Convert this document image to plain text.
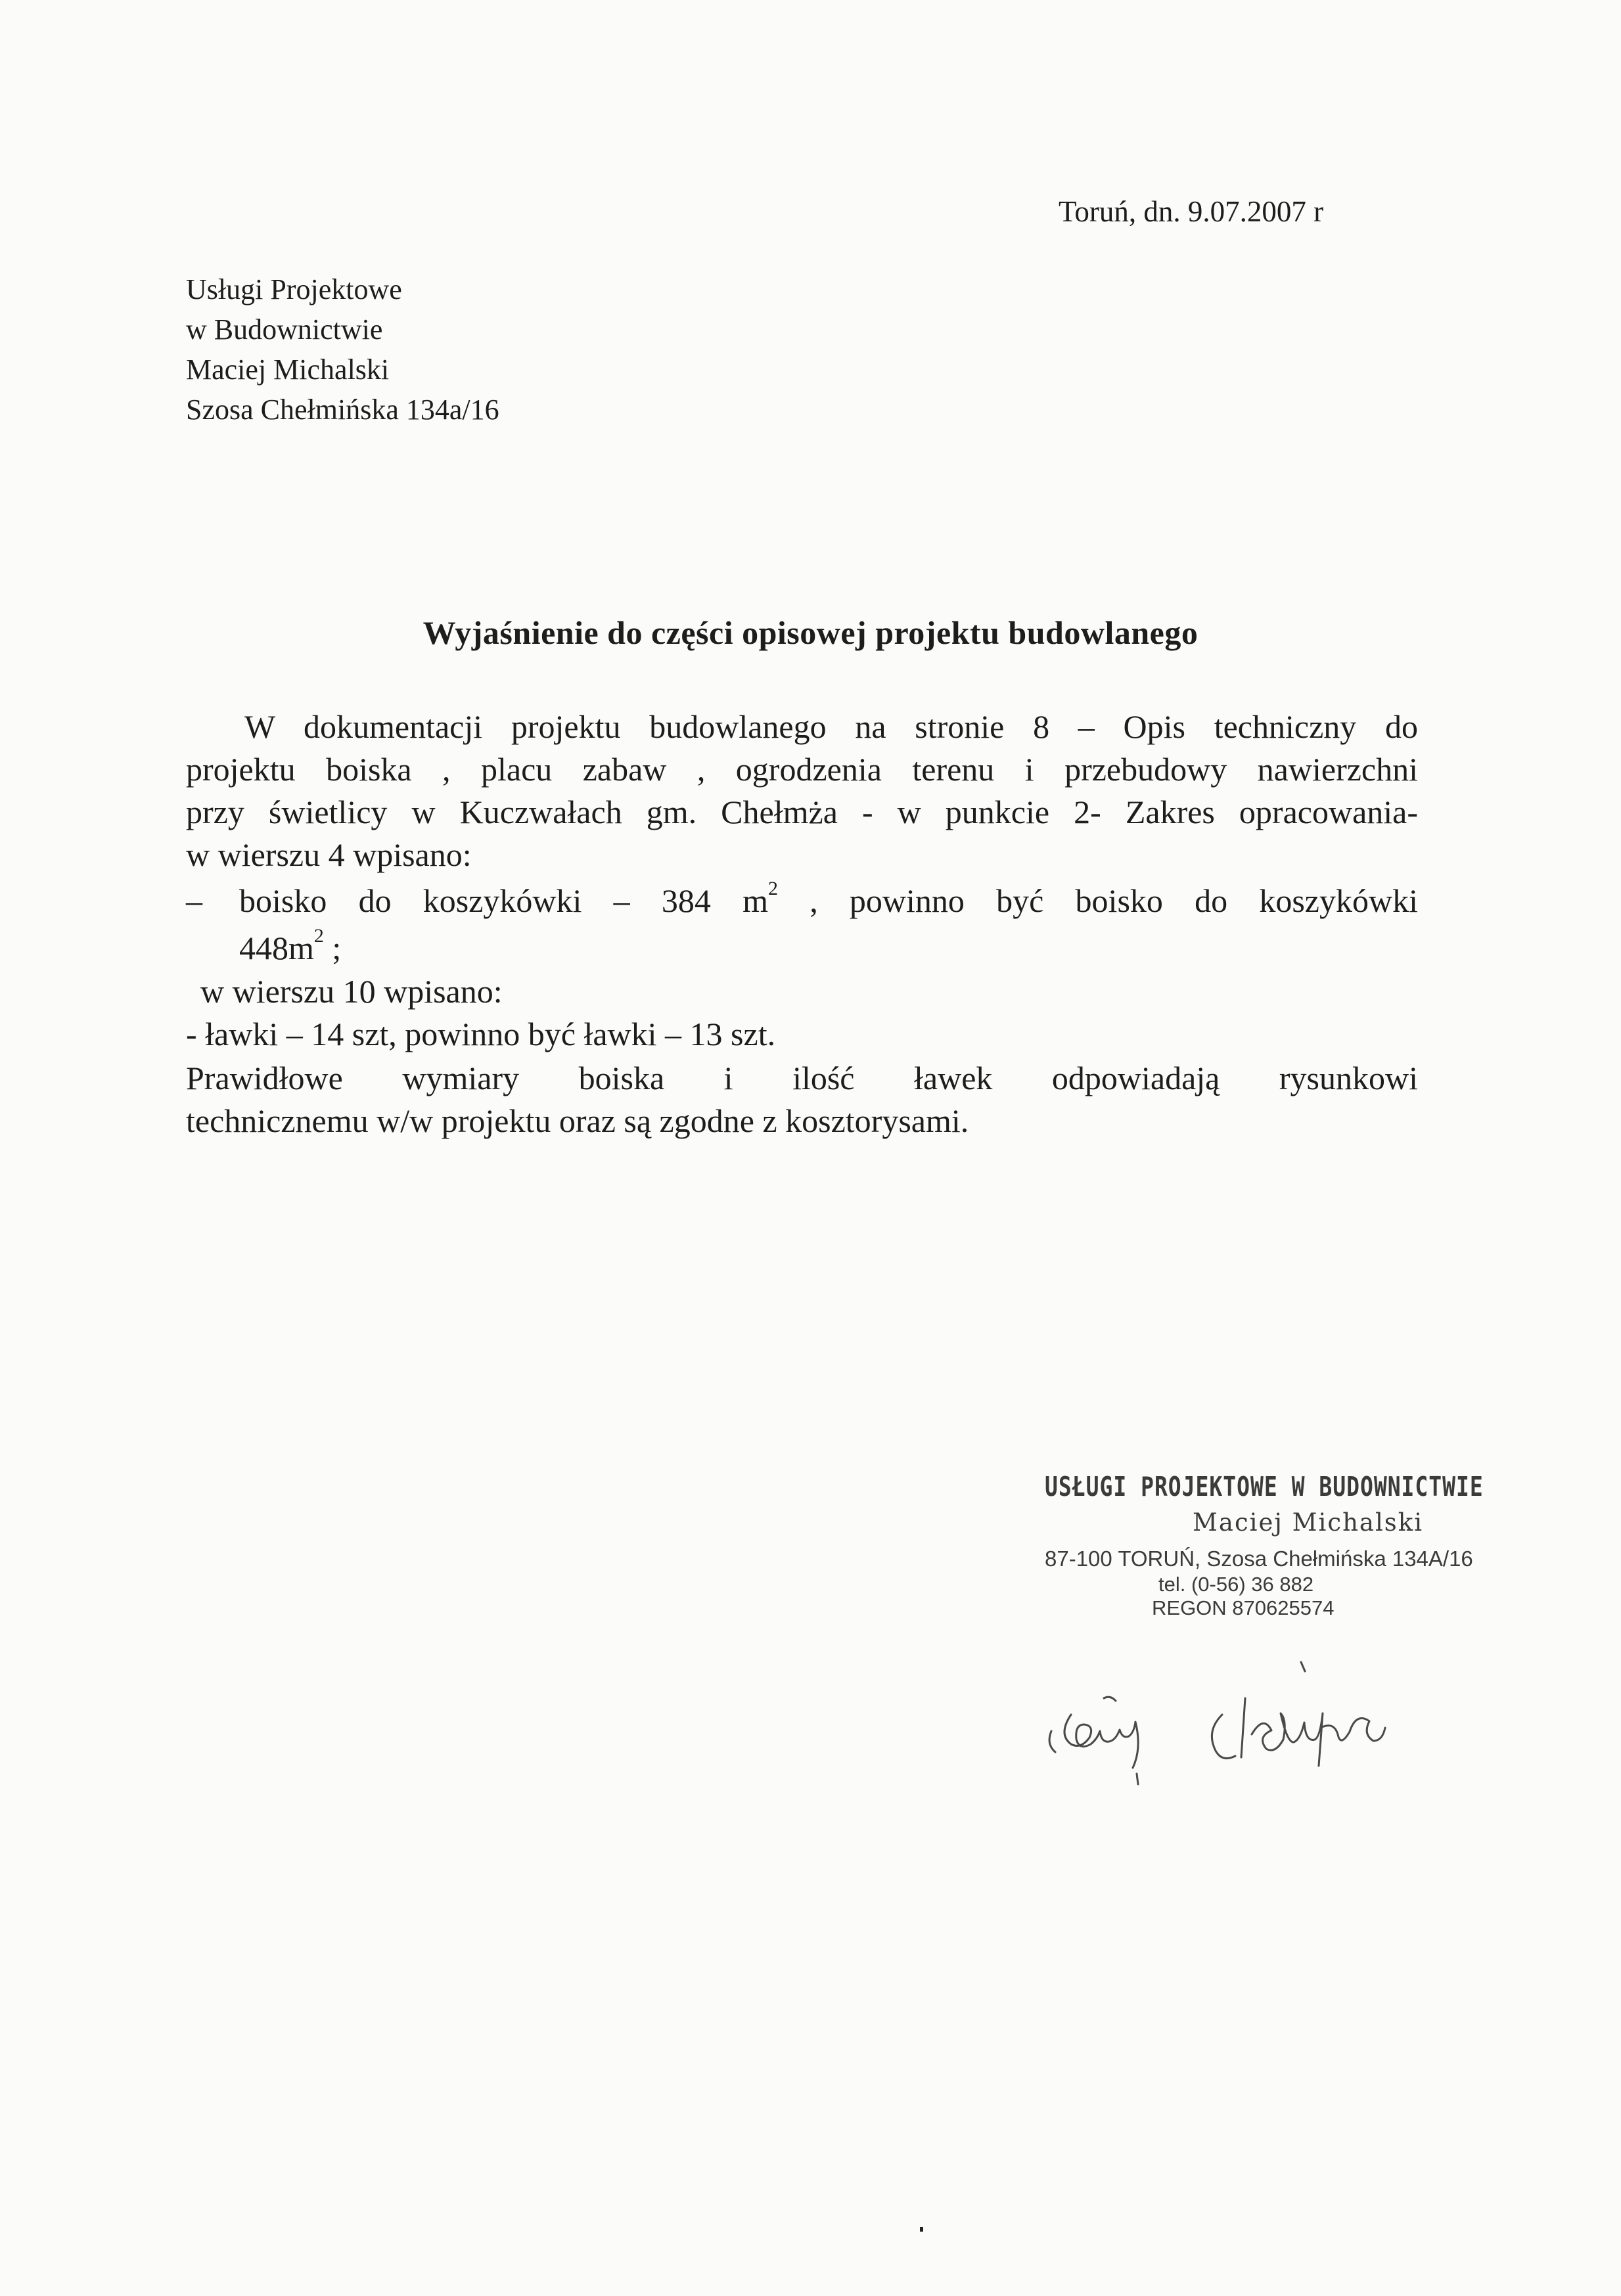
Toruń, dn. 9.07.2007 r
Usługi Projektowe
w Budownictwie
Maciej Michalski
Szosa Chełmińska 134a/16
Wyjaśnienie do części opisowej projektu budowlanego
W dokumentacji projektu budowlanego na stronie 8 – Opis techniczny do
projektu boiska , placu zabaw , ogrodzenia terenu i przebudowy nawierzchni
przy świetlicy w Kuczwałach gm. Chełmża - w punkcie 2- Zakres opracowania-
w wierszu 4 wpisano:
– boisko do koszykówki – 384 $m^2$ , powinno być boisko do koszykówki
$448m^2$ ;
w wierszu 10 wpisano:
- ławki – 14 szt, powinno być ławki – 13 szt.
Prawidłowe wymiary boiska i ilość ławek odpowiadają rysunkowi
technicznemu w/w projektu oraz są zgodne z kosztorysami.
USŁUGI PROJEKTOWE W BUDOWNICTWIE
Maciej Michalski
87-100 TORUŃ, Szosa Chełmińska 134A/16
tel. (0-56) 36 882
REGON 870625574
